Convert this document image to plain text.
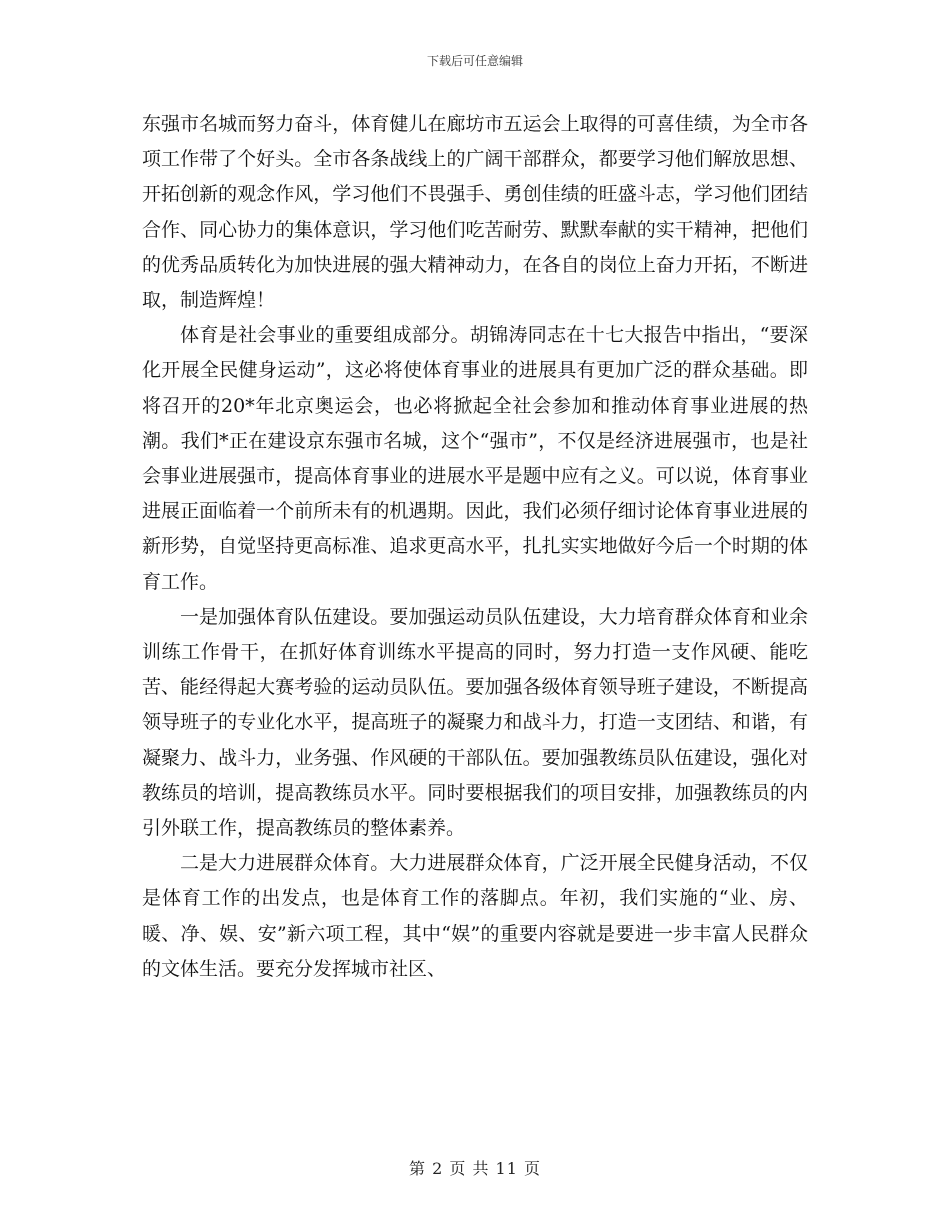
下载后可任意编辑

东强市名城而努力奋斗，体育健儿在廊坊市五运会上取得的可喜佳绩，为全市各项工作带了个好头。全市各条战线上的广阔干部群众，都要学习他们解放思想、开拓创新的观念作风，学习他们不畏强手、勇创佳绩的旺盛斗志，学习他们团结合作、同心协力的集体意识，学习他们吃苦耐劳、默默奉献的实干精神，把他们的优秀品质转化为加快进展的强大精神动力，在各自的岗位上奋力开拓，不断进取，制造辉煌！

体育是社会事业的重要组成部分。胡锦涛同志在十七大报告中指出，“要深化开展全民健身运动”，这必将使体育事业的进展具有更加广泛的群众基础。即将召开的20*年北京奥运会，也必将掀起全社会参加和推动体育事业进展的热潮。我们*正在建设京东强市名城，这个“强市”，不仅是经济进展强市，也是社会事业进展强市，提高体育事业的进展水平是题中应有之义。可以说，体育事业进展正面临着一个前所未有的机遇期。因此，我们必须仔细讨论体育事业进展的新形势，自觉坚持更高标准、追求更高水平，扎扎实实地做好今后一个时期的体育工作。

一是加强体育队伍建设。要加强运动员队伍建设，大力培育群众体育和业余训练工作骨干，在抓好体育训练水平提高的同时，努力打造一支作风硬、能吃苦、能经得起大赛考验的运动员队伍。要加强各级体育领导班子建设，不断提高领导班子的专业化水平，提高班子的凝聚力和战斗力，打造一支团结、和谐，有凝聚力、战斗力，业务强、作风硬的干部队伍。要加强教练员队伍建设，强化对教练员的培训，提高教练员水平。同时要根据我们的项目安排，加强教练员的内引外联工作，提高教练员的整体素养。

二是大力进展群众体育。大力进展群众体育，广泛开展全民健身活动，不仅是体育工作的出发点，也是体育工作的落脚点。年初，我们实施的“业、房、暖、净、娱、安”新六项工程，其中“娱”的重要内容就是要进一步丰富人民群众的文体生活。要充分发挥城市社区、

第 2 页 共 11 页
